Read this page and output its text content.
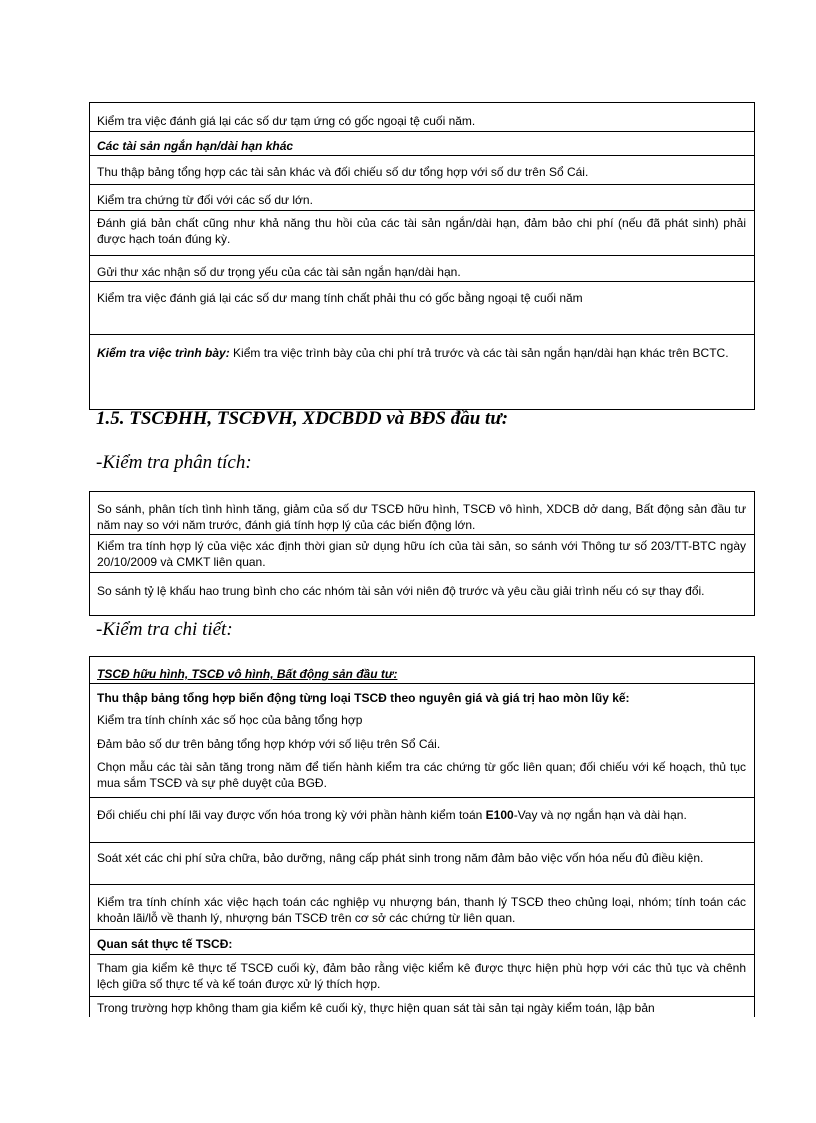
Kiểm tra việc đánh giá lại các số dư tạm ứng có gốc ngoại tệ cuối năm.
Các tài sản ngắn hạn/dài hạn khác
Thu thập bảng tổng hợp các tài sản khác và đối chiếu số dư tổng hợp với số dư trên Sổ Cái.
Kiểm tra chứng từ đối với các số dư lớn.
Đánh giá bản chất cũng như khả năng thu hồi của các tài sản ngắn/dài hạn, đảm bảo chi phí (nếu đã phát sinh) phải được hạch toán đúng kỳ.
Gửi thư xác nhận số dư trọng yếu của các tài sản ngắn hạn/dài hạn.
Kiểm tra việc đánh giá lại các số dư mang tính chất phải thu có gốc bằng ngoại tệ cuối năm
Kiểm tra việc trình bày: Kiểm tra việc trình bày của chi phí trả trước và các tài sản ngắn hạn/dài hạn khác trên BCTC.
1.5. TSCĐHH, TSCĐVH, XDCBDD và BĐS đầu tư:
-Kiểm tra phân tích:
So sánh, phân tích tình hình tăng, giảm của số dư TSCĐ hữu hình, TSCĐ vô hình, XDCB dở dang, Bất động sản đầu tư năm nay so với năm trước, đánh giá tính hợp lý của các biến động lớn.
Kiểm tra tính hợp lý của việc xác định thời gian sử dụng hữu ích của tài sản, so sánh với Thông tư số 203/TT-BTC ngày 20/10/2009 và CMKT liên quan.
So sánh tỷ lệ khấu hao trung bình cho các nhóm tài sản với niên độ trước và yêu cầu giải trình nếu có sự thay đổi.
-Kiểm tra chi tiết:
TSCĐ hữu hình, TSCĐ vô hình, Bất động sản đầu tư:
Thu thập bảng tổng hợp biến động từng loại TSCĐ theo nguyên giá và giá trị hao mòn lũy kế:
Kiểm tra tính chính xác số học của bảng tổng hợp
Đảm bảo số dư trên bảng tổng hợp khớp với số liệu trên Sổ Cái.
Chọn mẫu các tài sản tăng trong năm để tiến hành kiểm tra các chứng từ gốc liên quan; đối chiếu với kế hoạch, thủ tục mua sắm TSCĐ và sự phê duyệt của BGĐ.
Đối chiếu chi phí lãi vay được vốn hóa trong kỳ với phần hành kiểm toán E100-Vay và nợ ngắn hạn và dài hạn.
Soát xét các chi phí sửa chữa, bảo dưỡng, nâng cấp phát sinh trong năm đảm bảo việc vốn hóa nếu đủ điều kiện.
Kiểm tra tính chính xác việc hạch toán các nghiệp vụ nhượng bán, thanh lý TSCĐ theo chủng loại, nhóm; tính toán các khoản lãi/lỗ về thanh lý, nhượng bán TSCĐ trên cơ sở các chứng từ liên quan.
Quan sát thực tế TSCĐ:
Tham gia kiểm kê thực tế TSCĐ cuối kỳ, đảm bảo rằng việc kiểm kê được thực hiện phù hợp với các thủ tục và chênh lệch giữa số thực tế và kế toán được xử lý thích hợp.
Trong trường hợp không tham gia kiểm kê cuối kỳ, thực hiện quan sát tài sản tại ngày kiểm toán, lập bản
